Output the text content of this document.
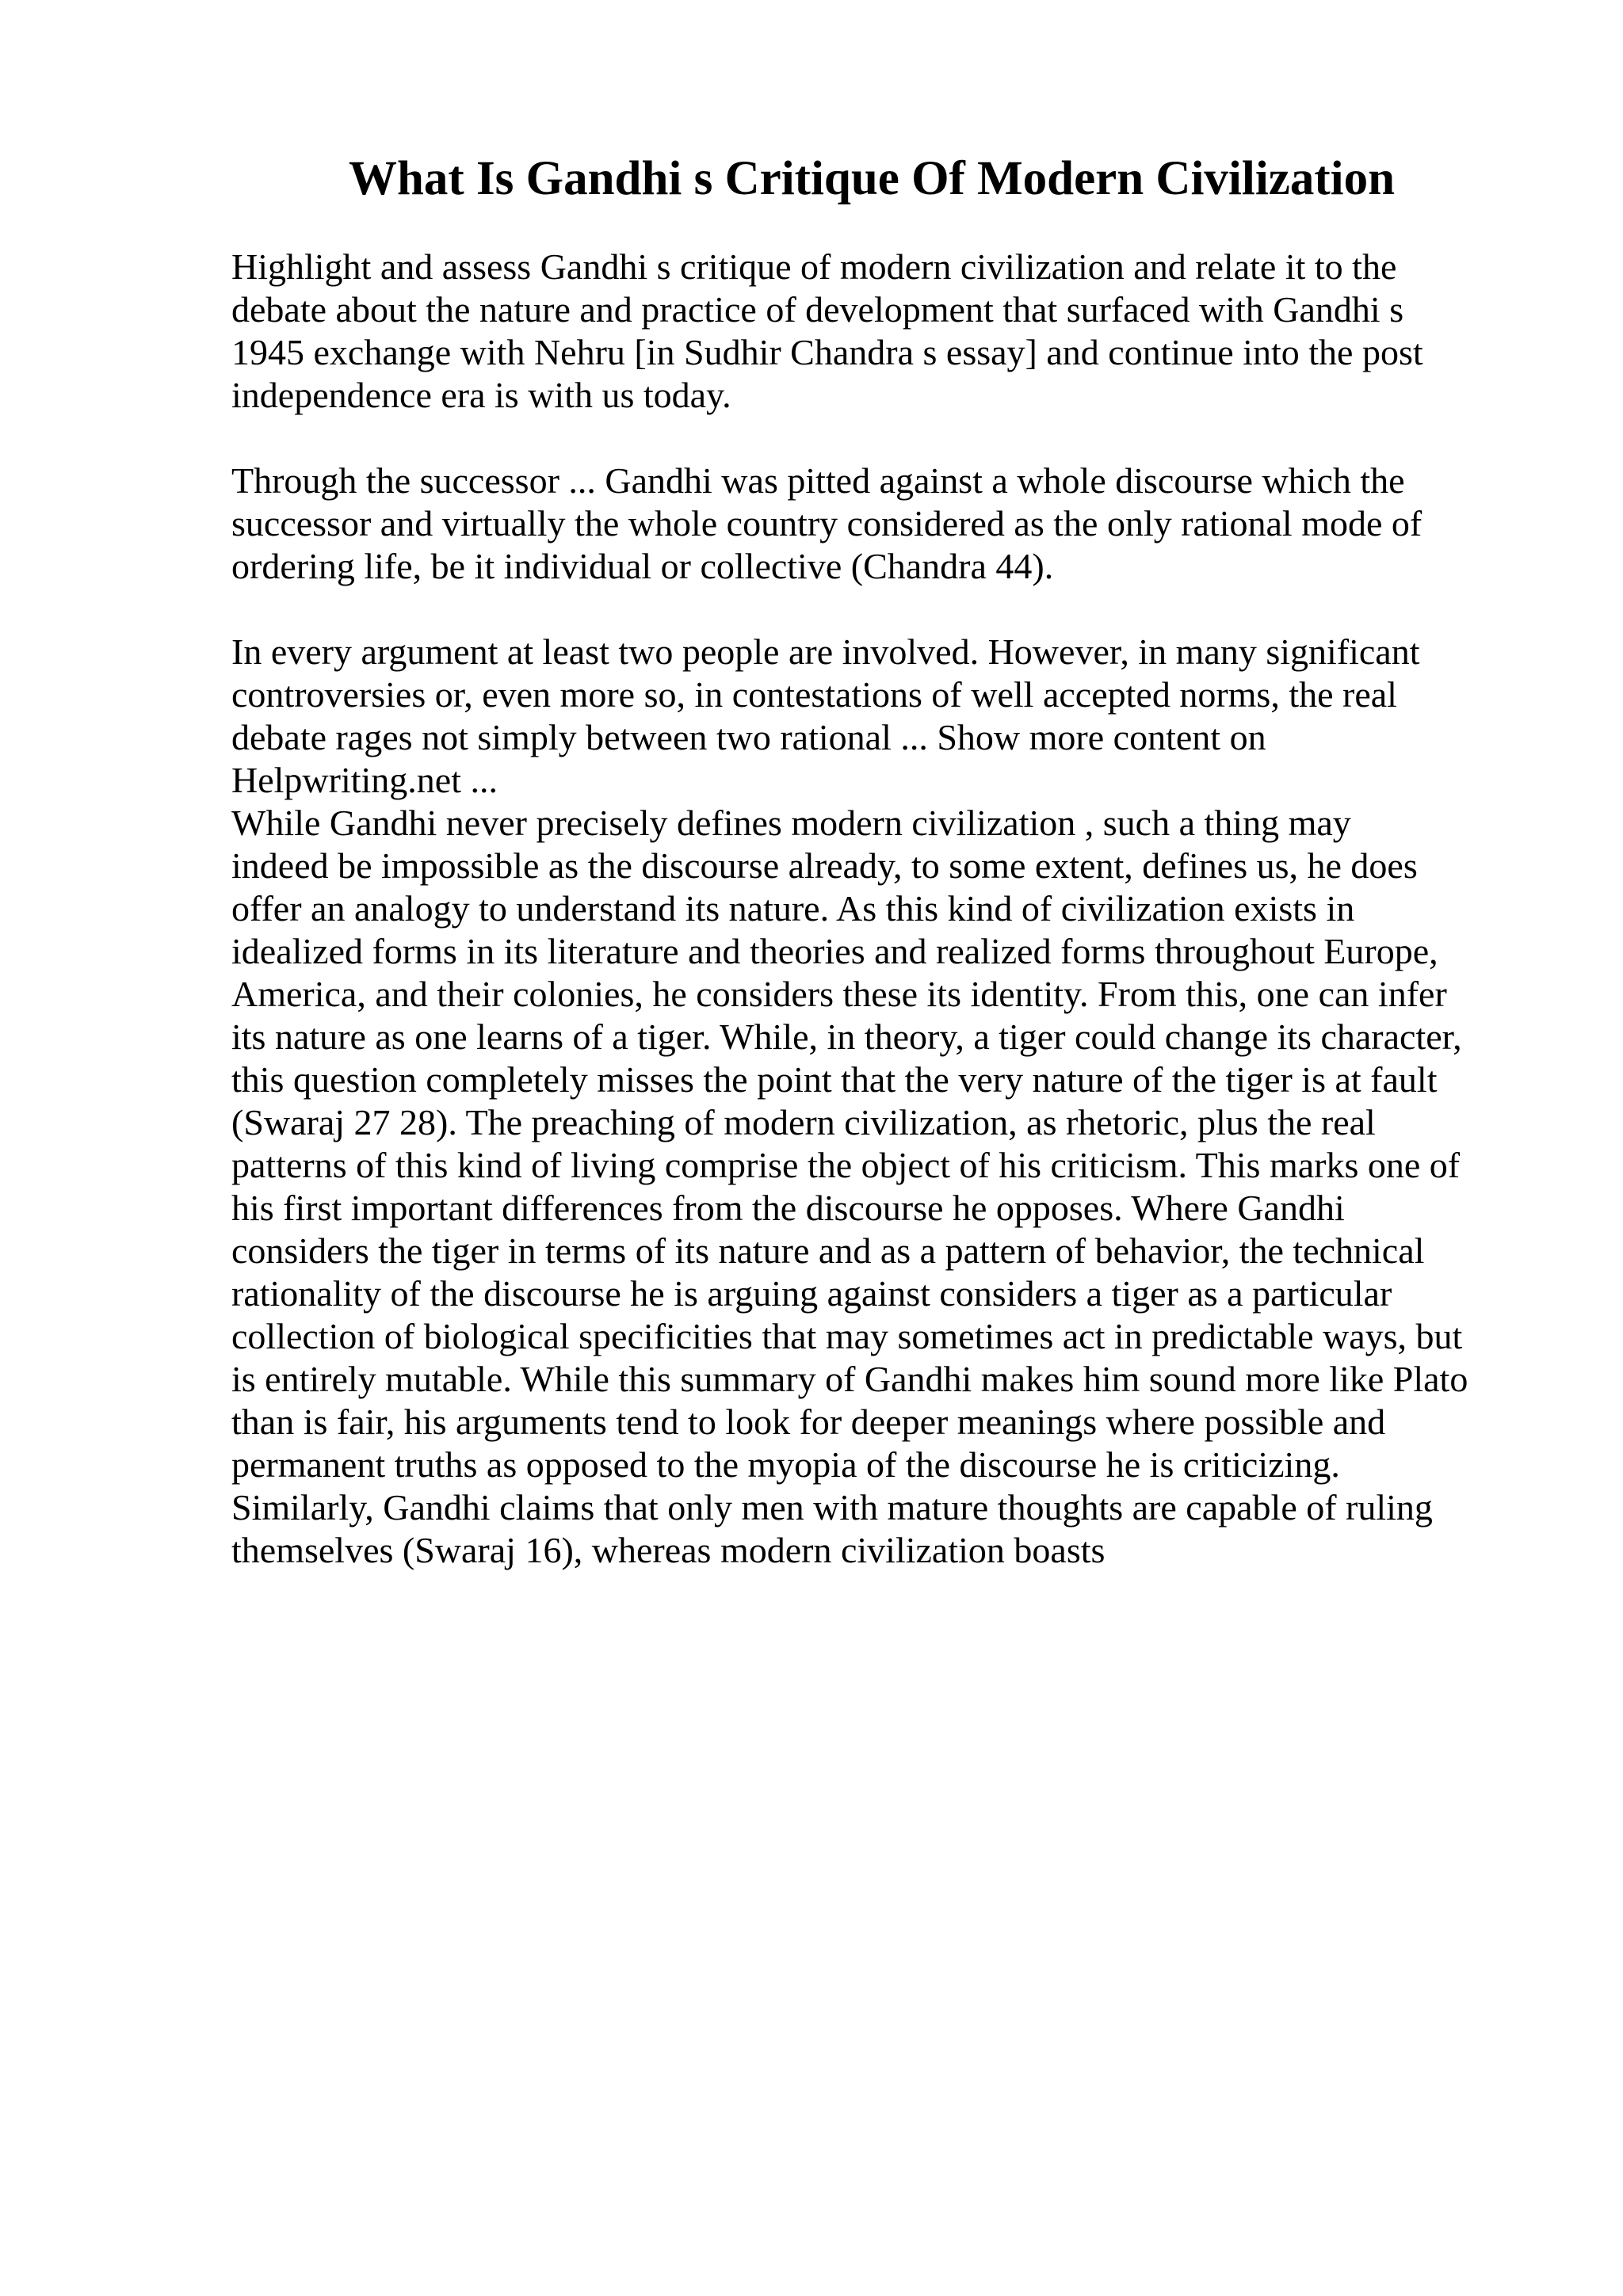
What Is Gandhi s Critique Of Modern Civilization

Highlight and assess Gandhi s critique of modern civilization and relate it to the
debate about the nature and practice of development that surfaced with Gandhi s
1945 exchange with Nehru [in Sudhir Chandra s essay] and continue into the post
independence era is with us today.

Through the successor ... Gandhi was pitted against a whole discourse which the
successor and virtually the whole country considered as the only rational mode of
ordering life, be it individual or collective (Chandra 44).

In every argument at least two people are involved. However, in many significant
controversies or, even more so, in contestations of well accepted norms, the real
debate rages not simply between two rational ... Show more content on
Helpwriting.net ...

While Gandhi never precisely defines modern civilization , such a thing may
indeed be impossible as the discourse already, to some extent, defines us, he does
offer an analogy to understand its nature. As this kind of civilization exists in
idealized forms in its literature and theories and realized forms throughout Europe,
America, and their colonies, he considers these its identity. From this, one can infer
its nature as one learns of a tiger. While, in theory, a tiger could change its character,
this question completely misses the point that the very nature of the tiger is at fault
(Swaraj 27 28). The preaching of modern civilization, as rhetoric, plus the real
patterns of this kind of living comprise the object of his criticism. This marks one of
his first important differences from the discourse he opposes. Where Gandhi
considers the tiger in terms of its nature and as a pattern of behavior, the technical
rationality of the discourse he is arguing against considers a tiger as a particular
collection of biological specificities that may sometimes act in predictable ways, but
is entirely mutable. While this summary of Gandhi makes him sound more like Plato
than is fair, his arguments tend to look for deeper meanings where possible and
permanent truths as opposed to the myopia of the discourse he is criticizing.
Similarly, Gandhi claims that only men with mature thoughts are capable of ruling
themselves (Swaraj 16), whereas modern civilization boasts
